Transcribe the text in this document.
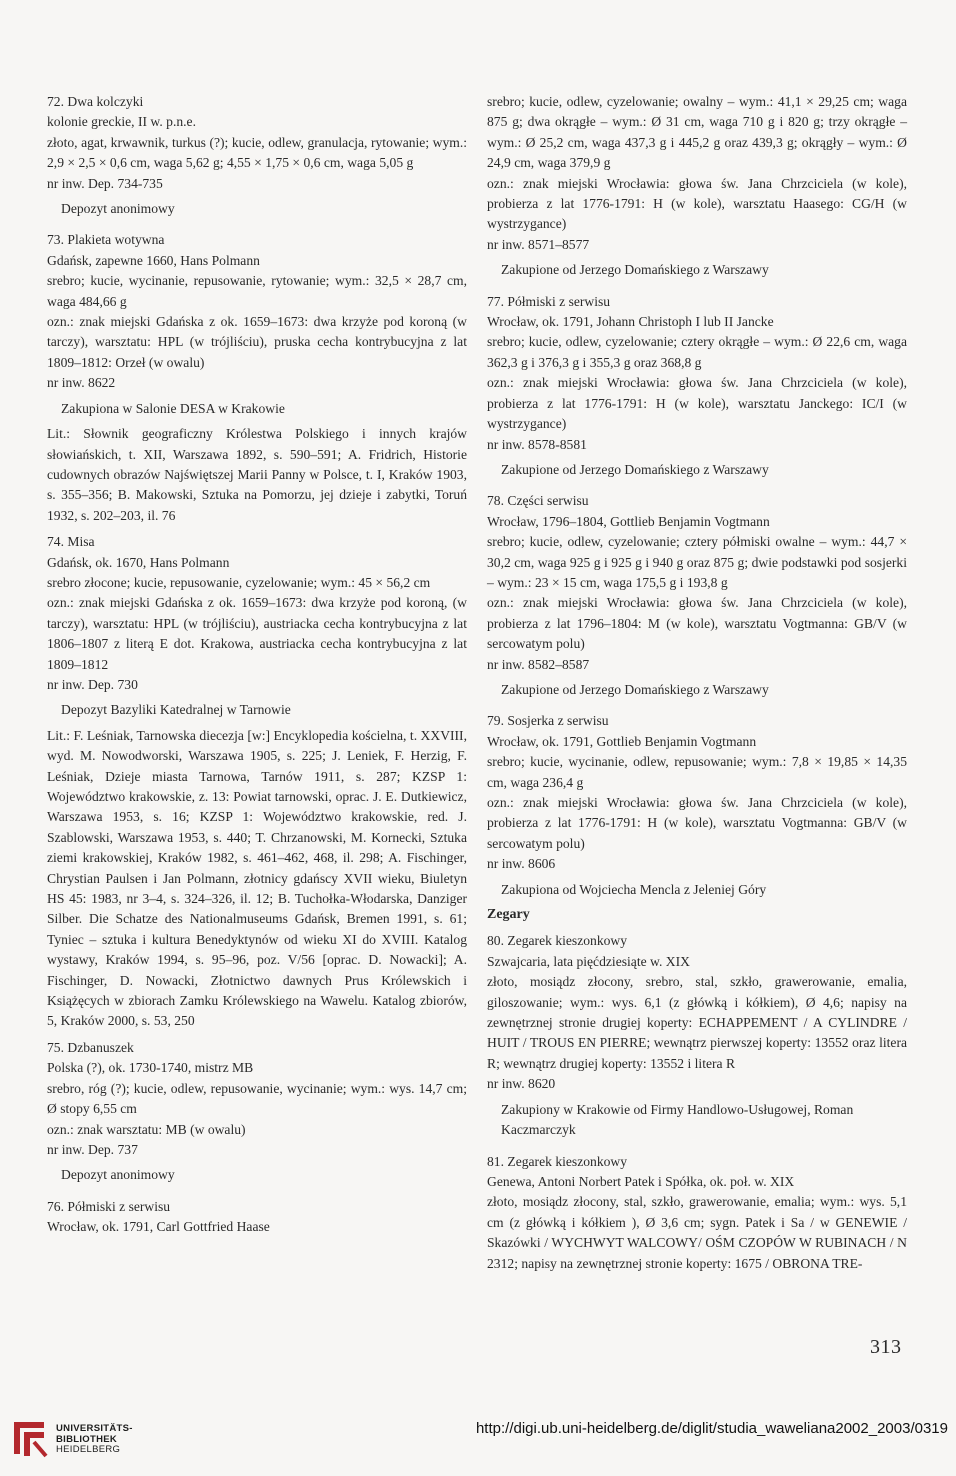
72. Dwa kolczyki

kolonie greckie, II w. p.n.e.

złoto, agat, krwawnik, turkus (?); kucie, odlew, granulacja, rytowanie; wym.: 2,9 × 2,5 × 0,6 cm, waga 5,62 g; 4,55 × 1,75 × 0,6 cm, waga 5,05 g

nr inw. Dep. 734-735

Depozyt anonimowy

73. Plakieta wotywna

Gdańsk, zapewne 1660, Hans Polmann

srebro; kucie, wycinanie, repusowanie, rytowanie; wym.: 32,5 × 28,7 cm, waga 484,66 g

ozn.: znak miejski Gdańska z ok. 1659–1673: dwa krzyże pod koroną (w tarczy), warsztatu: HPL (w trójliściu), pruska cecha kontrybucyjna z lat 1809–1812: Orzeł (w owalu)

nr inw. 8622

Zakupiona w Salonie DESA w Krakowie

Lit.: Słownik geograficzny Królestwa Polskiego i innych krajów słowiańskich, t. XII, Warszawa 1892, s. 590–591; A. Fridrich, Historie cudownych obrazów Najświętszej Marii Panny w Polsce, t. I, Kraków 1903, s. 355–356; B. Makowski, Sztuka na Pomorzu, jej dzieje i zabytki, Toruń 1932, s. 202–203, il. 76

74. Misa

Gdańsk, ok. 1670, Hans Polmann

srebro złocone; kucie, repusowanie, cyzelowanie; wym.: 45 × 56,2 cm

ozn.: znak miejski Gdańska z ok. 1659–1673: dwa krzyże pod koroną, (w tarczy), warsztatu: HPL (w trójliściu), austriacka cecha kontrybucyjna z lat 1806–1807 z literą E dot. Krakowa, austriacka cecha kontrybucyjna z lat 1809–1812

nr inw. Dep. 730

Depozyt Bazyliki Katedralnej w Tarnowie

Lit.: F. Leśniak, Tarnowska diecezja [w:] Encyklopedia kościelna, t. XXVIII, wyd. M. Nowodworski, Warszawa 1905, s. 225; J. Leniek, F. Herzig, F. Leśniak, Dzieje miasta Tarnowa, Tarnów 1911, s. 287; KZSP 1: Województwo krakowskie, z. 13: Powiat tarnowski, oprac. J. E. Dutkiewicz, Warszawa 1953, s. 16; KZSP 1: Województwo krakowskie, red. J. Szablowski, Warszawa 1953, s. 440; T. Chrzanowski, M. Kornecki, Sztuka ziemi krakowskiej, Kraków 1982, s. 461–462, 468, il. 298; A. Fischinger, Chrystian Paulsen i Jan Polmann, złotnicy gdańscy XVII wieku, Biuletyn HS 45: 1983, nr 3–4, s. 324–326, il. 12; B. Tuchołka-Włodarska, Danziger Silber. Die Schatze des Nationalmuseums Gdańsk, Bremen 1991, s. 61; Tyniec – sztuka i kultura Benedyktynów od wieku XI do XVIII. Katalog wystawy, Kraków 1994, s. 95–96, poz. V/56 [oprac. D. Nowacki]; A. Fischinger, D. Nowacki, Złotnictwo dawnych Prus Królewskich i Książęcych w zbiorach Zamku Królewskiego na Wawelu. Katalog zbiorów, 5, Kraków 2000, s. 53, 250

75. Dzbanuszek

Polska (?), ok. 1730-1740, mistrz MB

srebro, róg (?); kucie, odlew, repusowanie, wycinanie; wym.: wys. 14,7 cm; Ø stopy 6,55 cm

ozn.: znak warsztatu: MB (w owalu)

nr inw. Dep. 737

Depozyt anonimowy

76. Półmiski z serwisu

Wrocław, ok. 1791, Carl Gottfried Haase

srebro; kucie, odlew, cyzelowanie; owalny – wym.: 41,1 × 29,25 cm; waga 875 g; dwa okrągłe – wym.: Ø 31 cm, waga 710 g i 820 g; trzy okrągłe – wym.: Ø 25,2 cm, waga 437,3 g i 445,2 g oraz 439,3 g; okrągły – wym.: Ø 24,9 cm, waga 379,9 g

ozn.: znak miejski Wrocławia: głowa św. Jana Chrzciciela (w kole), probierza z lat 1776-1791: H (w kole), warsztatu Haasego: CG/H (w wystrzygance)

nr inw. 8571–8577

Zakupione od Jerzego Domańskiego z Warszawy

77. Półmiski z serwisu

Wrocław, ok. 1791, Johann Christoph I lub II Jancke

srebro; kucie, odlew, cyzelowanie; cztery okrągłe – wym.: Ø 22,6 cm, waga 362,3 g i 376,3 g i 355,3 g oraz 368,8 g

ozn.: znak miejski Wrocławia: głowa św. Jana Chrzciciela (w kole), probierza z lat 1776-1791: H (w kole), warsztatu Janckego: IC/I (w wystrzygance)

nr inw. 8578-8581

Zakupione od Jerzego Domańskiego z Warszawy

78. Części serwisu

Wrocław, 1796–1804, Gottlieb Benjamin Vogtmann

srebro; kucie, odlew, cyzelowanie; cztery półmiski owalne – wym.: 44,7 × 30,2 cm, waga 925 g i 925 g i 940 g oraz 875 g; dwie podstawki pod sosjerki – wym.: 23 × 15 cm, waga 175,5 g i 193,8 g

ozn.: znak miejski Wrocławia: głowa św. Jana Chrzciciela (w kole), probierza z lat 1796–1804: M (w kole), warsztatu Vogtmanna: GB/V (w sercowatym polu)

nr inw. 8582–8587

Zakupione od Jerzego Domańskiego z Warszawy

79. Sosjerka z serwisu

Wrocław, ok. 1791, Gottlieb Benjamin Vogtmann

srebro; kucie, wycinanie, odlew, repusowanie; wym.: 7,8 × 19,85 × 14,35 cm, waga 236,4 g

ozn.: znak miejski Wrocławia: głowa św. Jana Chrzciciela (w kole), probierza z lat 1776-1791: H (w kole), warsztatu Vogtmanna: GB/V (w sercowatym polu)

nr inw. 8606

Zakupiona od Wojciecha Mencla z Jeleniej Góry

Zegary

80. Zegarek kieszonkowy

Szwajcaria, lata pięćdziesiąte w. XIX

złoto, mosiądz złocony, srebro, stal, szkło, grawerowanie, emalia, giloszowanie; wym.: wys. 6,1 (z główką i kółkiem), Ø 4,6; napisy na zewnętrznej stronie drugiej koperty: ECHAPPEMENT / A CYLINDRE / HUIT / TROUS EN PIERRE; wewnątrz pierwszej koperty: 13552 oraz litera R; wewnątrz drugiej koperty: 13552 i litera R

nr inw. 8620

Zakupiony w Krakowie od Firmy Handlowo-Usługowej, Roman Kaczmarczyk

81. Zegarek kieszonkowy

Genewa, Antoni Norbert Patek i Spółka, ok. poł. w. XIX

złoto, mosiądz złocony, stal, szkło, grawerowanie, emalia; wym.: wys. 5,1 cm (z główką i kółkiem ), Ø 3,6 cm; sygn. Patek i Sa / w GENEWIE / Skazówki / WYCHWYT WALCOWY/ OŚM CZOPÓW W RUBINACH / N 2312; napisy na zewnętrznej stronie koperty: 1675 / OBRONA TRE-

313
UNIVERSITÄTS-
BIBLIOTHEK
HEIDELBERG
http://digi.ub.uni-heidelberg.de/diglit/studia_waweliana2002_2003/0319
